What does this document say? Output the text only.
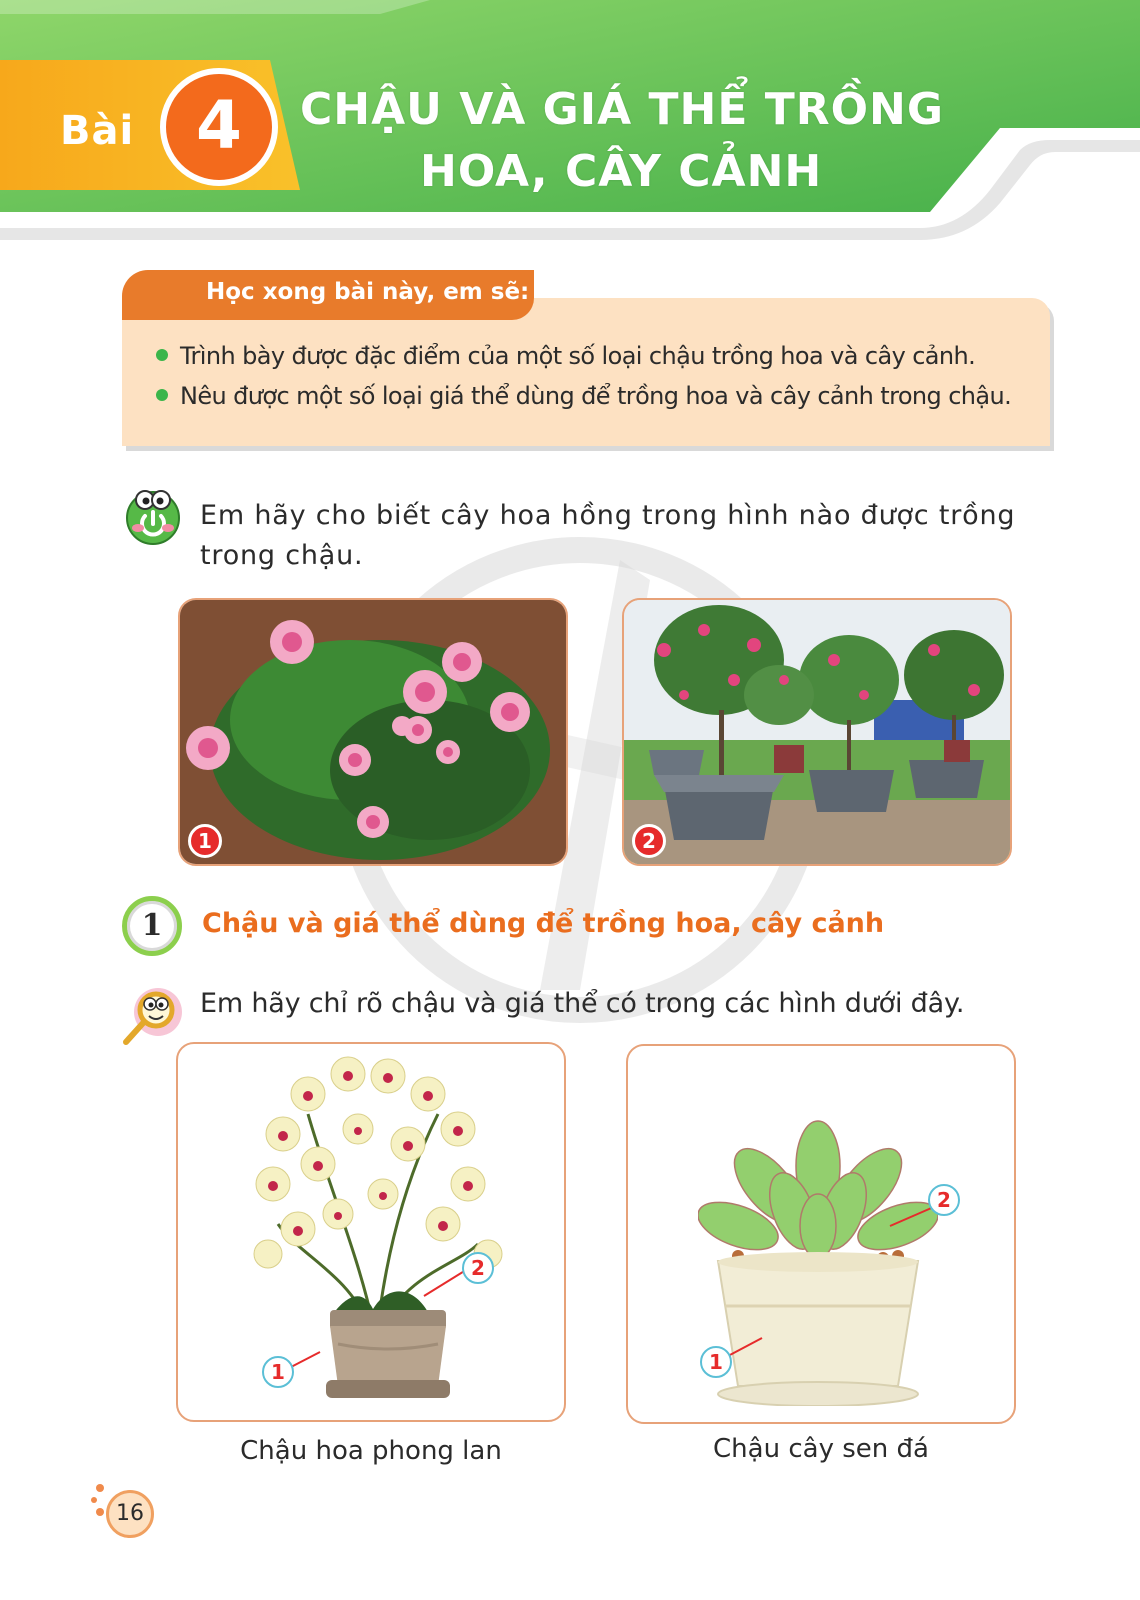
Bài 4	CHẬU VÀ GIÁ THỂ TRỒNG
HOA, CÂY CẢNH
Học xong bài này, em sẽ:
Trình bày được đặc điểm của một số loại chậu trồng hoa và cây cảnh.
Nêu được một số loại giá thể dùng để trồng hoa và cây cảnh trong chậu.
Em hãy cho biết cây hoa hồng trong hình nào được trồng
trong chậu.
1	2
1	Chậu và giá thể dùng để trồng hoa, cây cảnh
Em hãy chỉ rõ chậu và giá thể có trong các hình dưới đây.
2
1
Chậu hoa phong lan
2
1
Chậu cây sen đá
16
